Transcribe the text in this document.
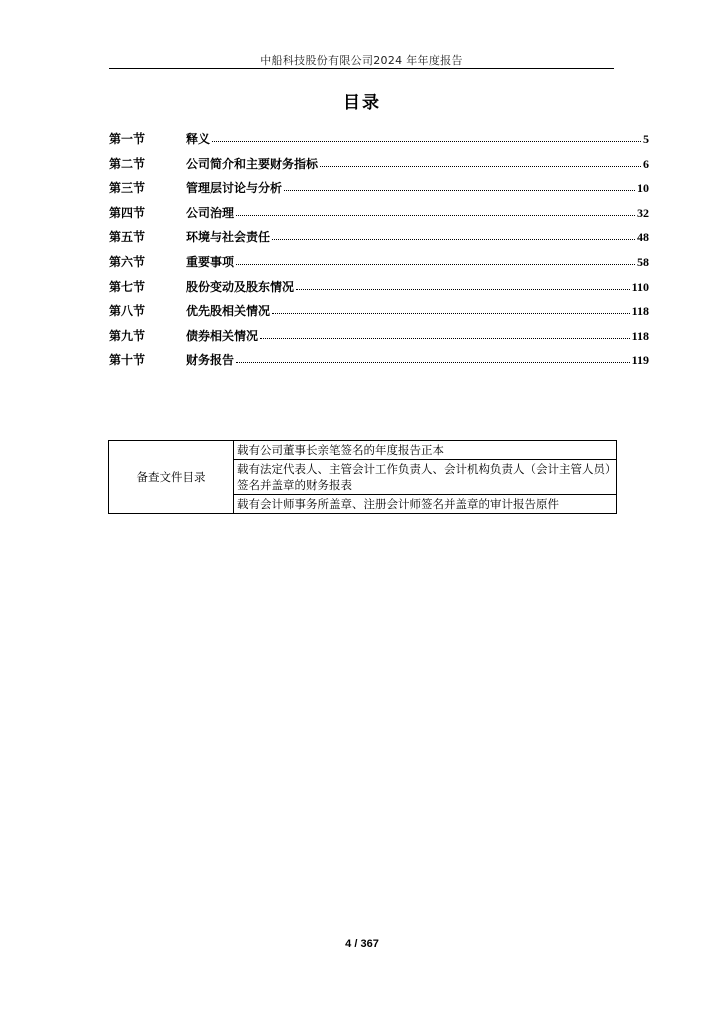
中船科技股份有限公司2024 年年度报告
目录
第一节	释义	5
第二节	公司简介和主要财务指标	6
第三节	管理层讨论与分析	10
第四节	公司治理	32
第五节	环境与社会责任	48
第六节	重要事项	58
第七节	股份变动及股东情况	110
第八节	优先股相关情况	118
第九节	债券相关情况	118
第十节	财务报告	119
备查文件目录	载有公司董事长亲笔签名的年度报告正本
载有法定代表人、主管会计工作负责人、会计机构负责人（会计主管人员）签名并盖章的财务报表
载有会计师事务所盖章、注册会计师签名并盖章的审计报告原件
4 / 367
